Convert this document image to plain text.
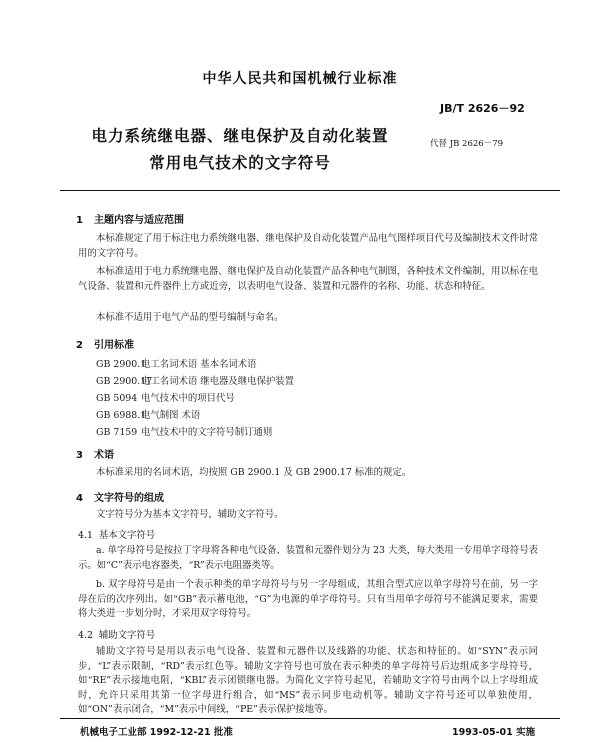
中华人民共和国机械行业标准
JB/T 2626－92
电力系统继电器、继电保护及自动化装置
常用电气技术的文字符号
代替 JB 2626－79
1 主题内容与适应范围
本标准规定了用于标注电力系统继电器、继电保护及自动化装置产品电气图样项目代号及编制技术文件时常用的文字符号。
本标准适用于电力系统继电器、继电保护及自动化装置产品各种电气制图，各种技术文件编制，用以标在电气设备、装置和元件器件上方或近旁，以表明电气设备、装置和元器件的名称、功能、状态和特征。
本标准不适用于电气产品的型号编制与命名。
2 引用标准
GB 2900.1 电工名词术语 基本名词术语
GB 2900.17 电工名词术语 继电器及继电保护装置
GB 5094 电气技术中的项目代号
GB 6988.1 电气制图 术语
GB 7159 电气技术中的文字符号制订通则
3 术语
本标准采用的名词术语，均按照 GB 2900.1 及 GB 2900.17 标准的规定。
4 文字符号的组成
文字符号分为基本文字符号，辅助文字符号。
4.1 基本文字符号
a. 单字母符号是按拉丁字母将各种电气设备、装置和元器件划分为 23 大类，每大类用一专用单字母符号表示。如“C”表示电容器类，“R”表示电阻器类等。
b. 双字母符号是由一个表示种类的单字母符号与另一字母组成，其组合型式应以单字母符号在前，另一字母在后的次序列出。如“GB”表示蓄电池，“G”为电源的单字母符号。只有当用单字母符号不能满足要求，需要将大类进一步划分时，才采用双字母符号。
4.2 辅助文字符号
辅助文字符号是用以表示电气设备、装置和元器件以及线路的功能、状态和特征的。如“SYN”表示同步，“L”表示限制，“RD”表示红色等。辅助文字符号也可放在表示种类的单字母符号后边组成多字母符号，如“RE”表示接地电阻，“KBL”表示闭锁继电器。为简化文字符号起见，若辅助文字符号由两个以上字母组成时，允许只采用其第一位字母进行组合，如“MS”表示同步电动机等。辅助文字符号还可以单独使用，如“ON”表示闭合，“M”表示中间线，“PE”表示保护接地等。
机械电子工业部 1992-12-21 批准	1993-05-01 实施
